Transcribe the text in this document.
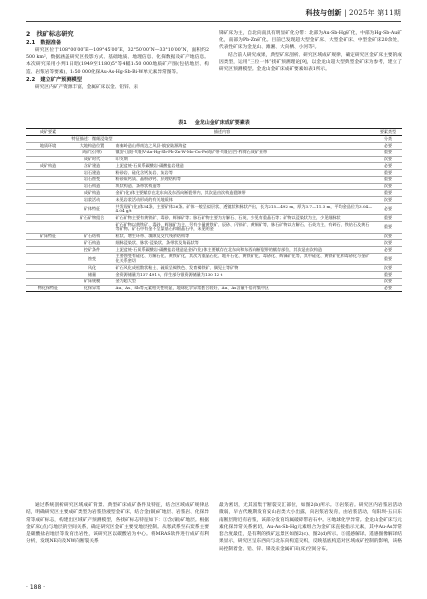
科技与创新 | 2025年 第11期
2　找矿标志研究
2.1　数据准备

研究区位于108°00′00″E—109°45′00″E，32°50′00″N—33°10′00″N，面积约2 500 km²，数据涵盖研究区投影方式、基础地质、地理信息、化探数据及矿产地信息。本次研究采用小判1日昭(1949至1180)5°等4幅1:50 000地质矿产图(包括地层、构造、岩浆岩等要素)，1:50 000化探Au-As-Hg-Sb-Bi-W单元素异常图等。

2.2　建立矿产预测模型

研究区内矿产资源丰富，金属矿床以金、铅锌、汞

锑矿床为主，自北向南具有明显矿化分带：北部为Au-Sb-Hg矿化，中部为Hg-Sb-Au矿化，南部为Pb-Zn矿化。目前已发现超大型金矿床、大型金矿床、中型金矿床20余处，代表性矿床为金龙山、滩湘、大向栖、小河等²。

结合前人研究成果，典型矿床剖析、研究区域成矿规律，确定研究区金矿床主要的成因类型，运用“三位一体”找矿预测理论[9]，以金龙山超大型典型金矿床为参考，建立了研究区预测模型。金龙山金矿床成矿要素如表1所示。

表1 金龙山金矿床成矿要素表
成矿要素	描述内容		要素类型
	特征描述：微细浸染型		分类
地质环境	大地构造位置	南秦岭造山带南边之风县-镇安陆源海盆	必要
	成矿区(带)	镇安-山阳-旬阳V-Au-Hg-Sb-Pb-Zn-W-Mo-Cu-Fe成矿带-旬阳台凹-柞荷石成矿亚带	重要
	成矿时代	印支期	次要
成矿构造	含矿建造	上泥盆统-石炭系碳酸岩-碳酸盐岩建造	必要
	岩石建造	粉砂岩、硅化含钙灰岩、灰岩等	重要
	岩石蚀变	粉砂质钙质、晶粉砂钙、层理结构等	重要
	岩石构造	块状构造、条带状构造等	次要
	成矿构造	金矿(化)体主要赋存在北东向及东西向断裂带内，其次是由次构造裂隙带	重要
	岩浆活动	未见岩浆活动形成的有关地质体	次要
	矿体特征	共发现矿(化)体34条，主要矿体26条。矿体一般呈似层状、透镜状和脉状产出，长为215—492 m，厚为3.7—11.3 m，平均金品位为3.04—4.04 g/t	必要
	矿石矿物组合	矿石矿物主要有黄铁矿、毒砂、辉锑矿等；脉石矿物主要为方解石、石英，少见有重晶石等；矿物以浸染状为主，少见细脉状	重要
		矿石矿物以黄铁矿、毒砂、辉锑矿为主，另有少量黄铁矿、辰砂、闪锌矿、黄铜矿等，脉石矿物以方解石、石英为主，有碎石、铁钻石及黄石等矿物。矿石中有金不呈蒙基石和细晶石中，未见明金	重要
矿床特征	矿石结构	粒状、增生环带、填隙及交代残余结构等	次要
	矿石构造	细脉浸染状、脉状-浸染状、条带状及角砾状等	次要
	控矿条件	上泥盆统-石炭系碳酸岩-碳酸盐岩建造是金矿(化)体主要赋存在北东向和东西向断裂带的赋存部位，其次是由次构造	必要
	蚀变	主要蚀变有硅化、方解石化、黄铁矿化，其次为重晶石化、地开石化、黄铁矿化、毒砂化、辉锑矿化等，其中硅化、黄铁矿化和毒砂化与金矿化关系密切	重要
	风化	矿石风化成松散状粘土、硫质呈褐铁色、发育褐铁矿、偶见土等矿物	次要
	储量	金资源储量为137 491 t，伴生部分银资源储量为130 12 t	重要
	矿床规模	金为超大型	次要
物化探特征	化探异常	Au、As、Sb等元素相关性明显，地球化学异常套合较好，Au、As含量千倍衬集中区	必要

通过系统剖析研究区域成矿背景、典型矿床成矿条件及特征，结合区域成矿规律总结，明确研究区主要成矿类型为岩浆热液型金矿床，结合金(铜)矿地层、岩浆岩、化探异常等成矿标志，构建出区域矿产预测模型，各找矿标志特征如下：①含(铜)矿地层。根据金矿床(点)与地层的空间关系，确定研究区金矿主要受地层控制。从寒武系至石炭系主要是碳酸盐岩地层等发育出岩性，该研究区以碳酸岩为中心。将MRAS软件进行成矿有利分析，发现NE向及NW向断裂关系

最为密切，尤其富集于断裂交汇部位，如图2(b)所示。③岩浆岩。研究区内岩浆岩活动微弱，早古代晚期发育安山岩类大小出露，向岩浆岩发育，由岩浆活动，旬阳坝-五日东南断层附近有岩浆，该部分发育均属破碎带岩石中。④地球化学异常。金龙山金矿床与元素化探异常关系密切，Au-As-Sb-Hg元素组合为金矿床直接指示元素，其中Au-As异常套合度最佳，是有利的找矿远景区如图2(c)、图2(d)所示。⑤遥感解译。遥感图像解译结果显示，研究区呈东西向与北东向构造交织，反映基底构造对区域成矿控制的影响，该格局控制着金、铅、锌、锑及汞金属矿田(床)空间分布。

· 188 ·
